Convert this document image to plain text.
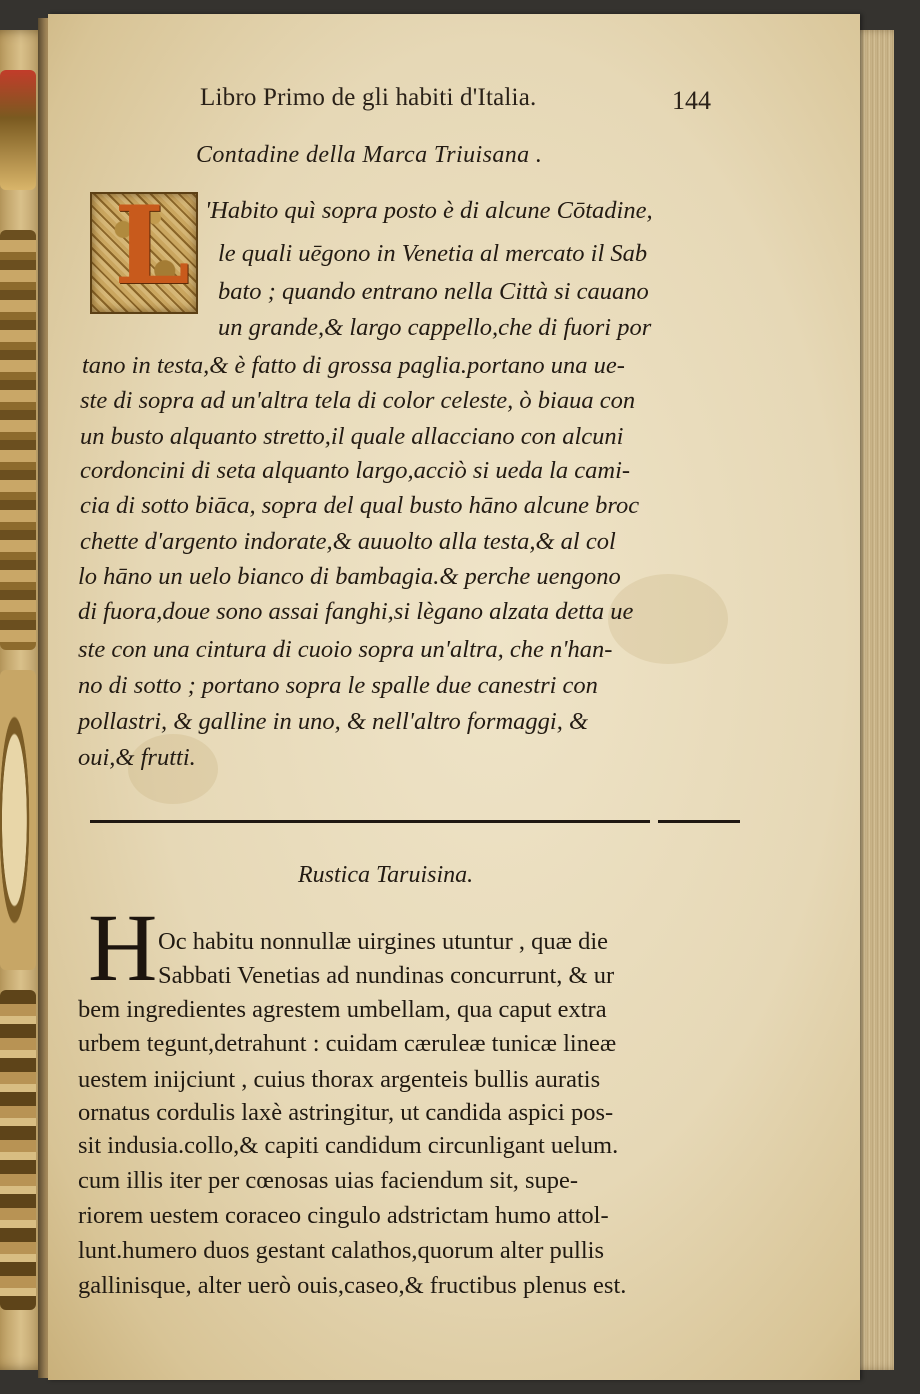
Libro Primo de gli habiti d'Italia.	144
Contadine della Marca Triuisana .
L 'Habito quì sopra posto è di alcune Cōtadine,
le quali uēgono in Venetia al mercato il Sab
bato ; quando entrano nella Città si cauano
un grande,& largo cappello,che di fuori por
tano in testa,& è fatto di grossa paglia.portano una ue-
ste di sopra ad un'altra tela di color celeste, ò biaua con
un busto alquanto stretto,il quale allacciano con alcuni
cordoncini di seta alquanto largo,acciò si ueda la cami-
cia di sotto biāca, sopra del qual busto hāno alcune broc
chette d'argento indorate,& auuolto alla testa,& al col
lo hāno un uelo bianco di bambagia.& perche uengono
di fuora,doue sono assai fanghi,si lègano alzata detta ue
ste con una cintura di cuoio sopra un'altra, che n'han-
no di sotto ; portano sopra le spalle due canestri con
pollastri, & galline in uno, & nell'altro formaggi, &
oui,& frutti.
Rustica Taruisina.
H Oc habitu nonnullæ uirgines utuntur , quæ die
Sabbati Venetias ad nundinas concurrunt, & ur
bem ingredientes agrestem umbellam, qua caput extra
urbem tegunt,detrahunt : cuidam cæruleæ tunicæ lineæ
uestem inijciunt , cuius thorax argenteis bullis auratis
ornatus cordulis laxè astringitur, ut candida aspici pos-
sit indusia.collo,& capiti candidum circunligant uelum.
cum illis iter per cœnosas uias faciendum sit, supe-
riorem uestem coraceo cingulo adstrictam humo attol-
lunt.humero duos gestant calathos,quorum alter pullis
gallinisque, alter uerò ouis,caseo,& fructibus plenus est.
